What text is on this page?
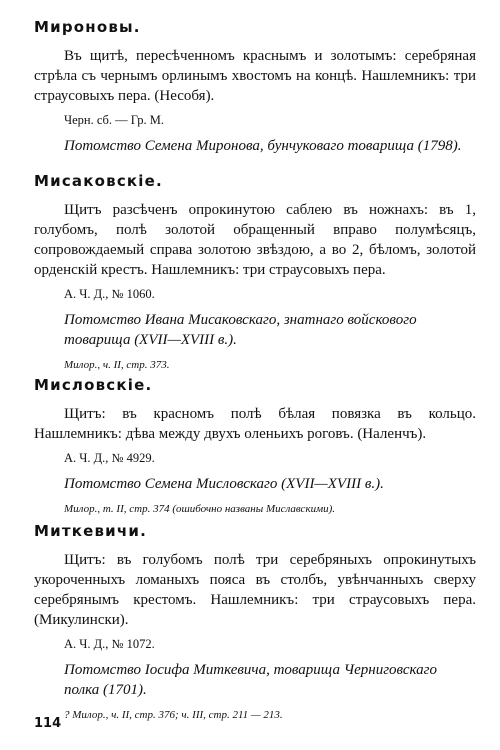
Мироновы.

Въ щитѣ, пересѣченномъ краснымъ и золотымъ: серебряная стрѣла съ чернымъ орлинымъ хвостомъ на концѣ. Нашлемникъ: три страусовыхъ пера. (Несобя).

Черн. сб. — Гр. М.

Потомство Семена Миронова, бунчуковаго товарища (1798).

Мисаковскіе.

Щитъ разсѣченъ опрокинутою саблею въ ножнахъ: въ 1, голубомъ, полѣ золотой обращенный вправо полумѣсяцъ, сопровождаемый справа золотою звѣздою, а во 2, бѣломъ, золотой орденскій крестъ. Нашлемникъ: три страусовыхъ пера.

А. Ч. Д., № 1060.

Потомство Ивана Мисаковскаго, знатнаго войскового товарища (XVII—XVIII в.).

Милор., ч. II, стр. 373.

Мисловскіе.

Щитъ: въ красномъ полѣ бѣлая повязка въ кольцо. Нашлемникъ: дѣва между двухъ оленьихъ роговъ. (Наленчъ).

А. Ч. Д., № 4929.

Потомство Семена Мисловскаго (XVII—XVIII в.).

Милор., т. II, стр. 374 (ошибочно названы Миславскими).

Миткевичи.

Щитъ: въ голубомъ полѣ три серебряныхъ опрокинутыхъ укороченныхъ ломаныхъ пояса въ столбъ, увѣнчанныхъ сверху серебрянымъ крестомъ. Нашлемникъ: три страусовыхъ пера. (Микулински).

А. Ч. Д., № 1072.

Потомство Іосифа Миткевича, товарища Черниговскаго полка (1701).

? Милор., ч. II, стр. 376; ч. III, стр. 211 — 213.

114
